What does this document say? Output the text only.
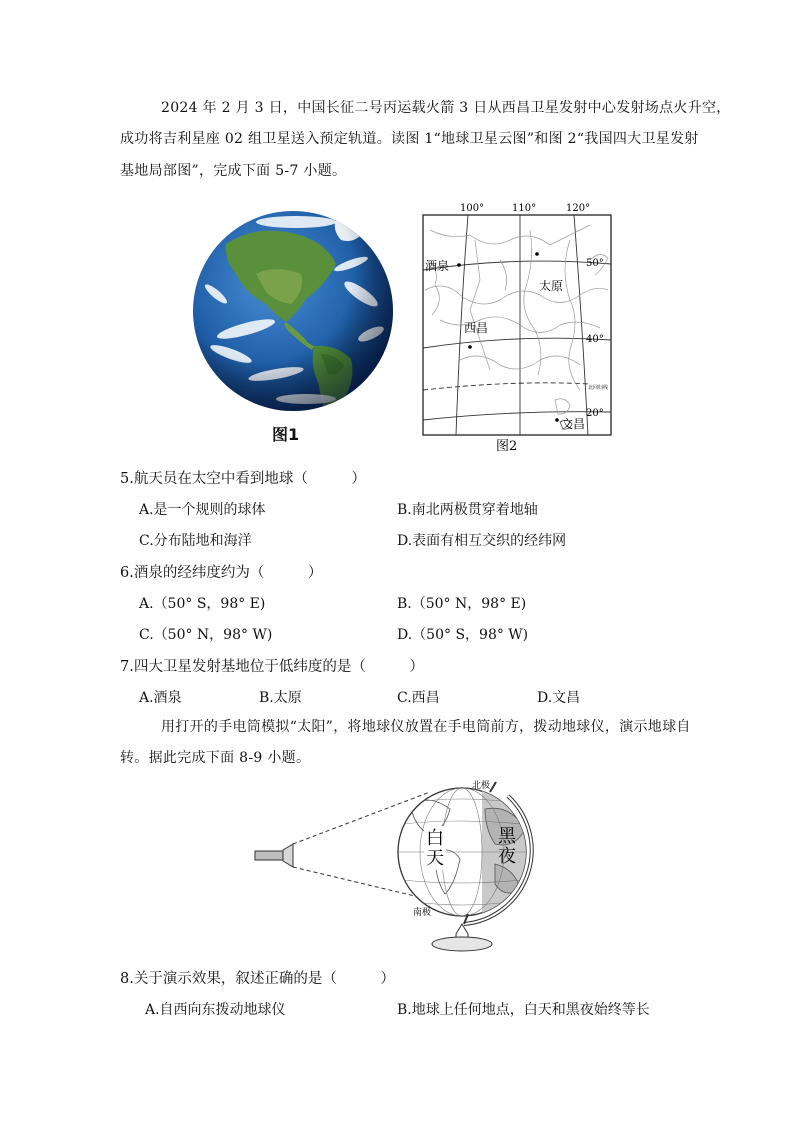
2024 年 2 月 3 日，中国长征二号丙运载火箭 3 日从西昌卫星发射中心发射场点火升空，
成功将吉利星座 02 组卫星送入预定轨道。读图 1“地球卫星云图”和图 2“我国四大卫星发射
基地局部图”，完成下面 5-7 小题。
图1
100°	110°	120°
50°
40°
20°
北回归线
酒泉
太原
西昌
文昌
图2
5.航天员在太空中看到地球（　　　）
A.是一个规则的球体	B.南北两极贯穿着地轴
C.分布陆地和海洋	D.表面有相互交织的经纬网
6.酒泉的经纬度约为（　　　）
A.（50° S，98° E)	B.（50° N，98° E)
C.（50° N，98° W)	D.（50° S，98° W)
7.四大卫星发射基地位于低纬度的是（　　　）
A.酒泉	B.太原	C.西昌	D.文昌
用打开的手电筒模拟“太阳”，将地球仪放置在手电筒前方，拨动地球仪，演示地球自
转。据此完成下面 8-9 小题。
北极
南极
白
天
黑
夜
8.关于演示效果，叙述正确的是（　　　）
A.自西向东拨动地球仪	B.地球上任何地点，白天和黑夜始终等长
